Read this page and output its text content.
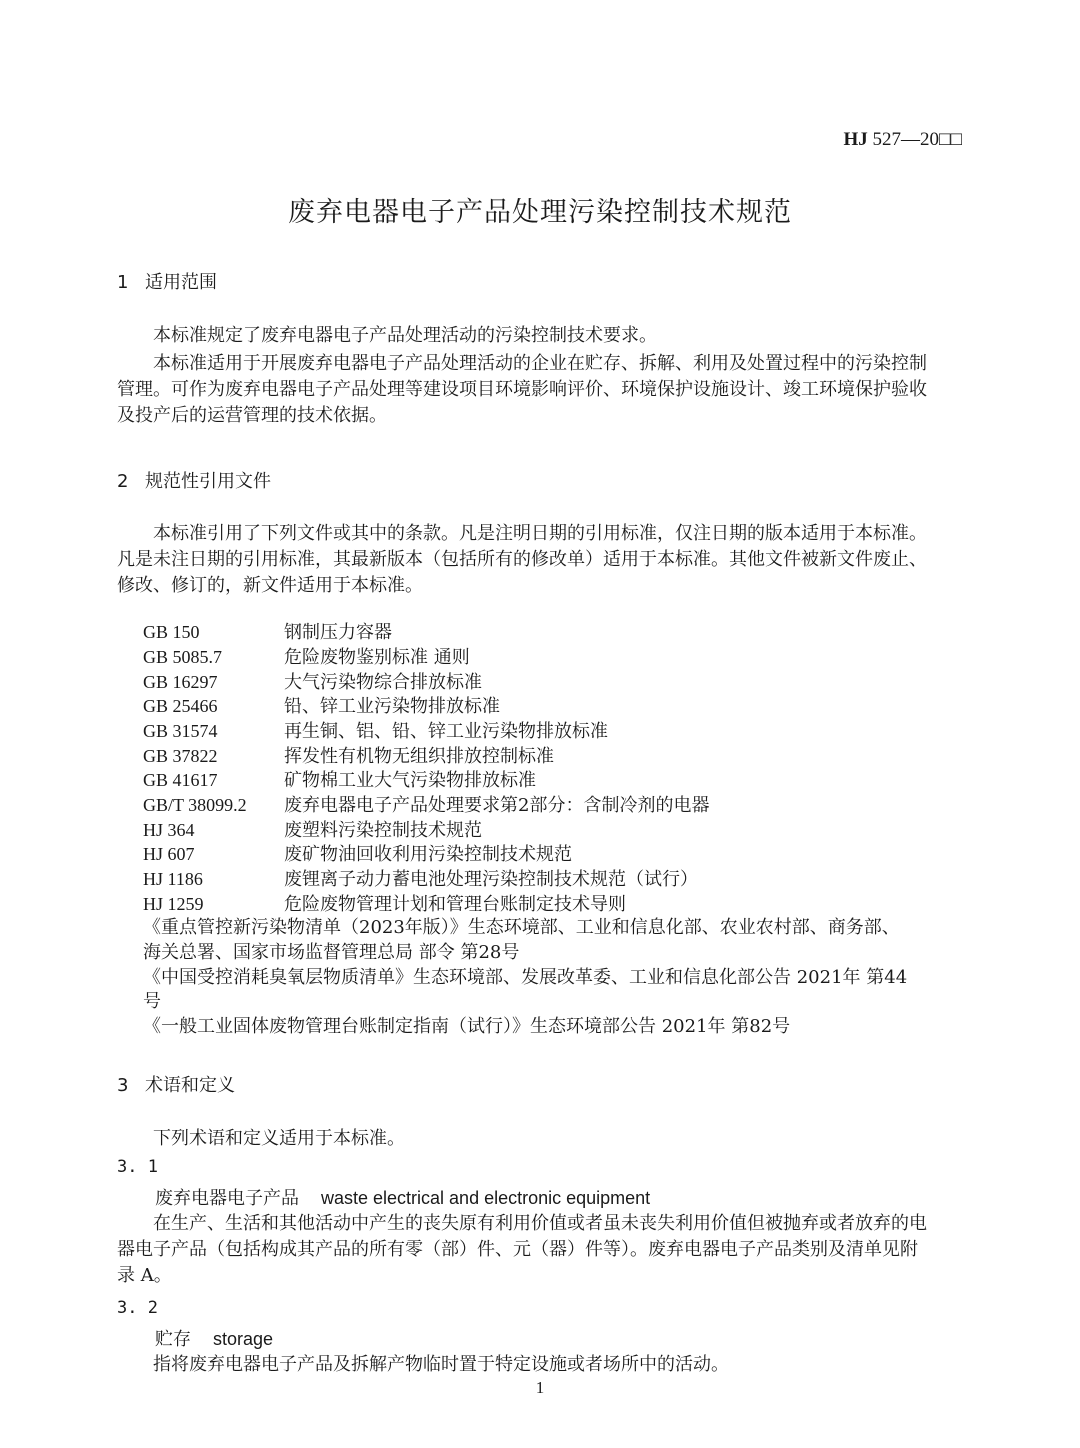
HJ 527—20□□
废弃电器电子产品处理污染控制技术规范
1 适用范围
本标准规定了废弃电器电子产品处理活动的污染控制技术要求。
本标准适用于开展废弃电器电子产品处理活动的企业在贮存、拆解、利用及处置过程中的污染控制
管理。可作为废弃电器电子产品处理等建设项目环境影响评价、环境保护设施设计、竣工环境保护验收
及投产后的运营管理的技术依据。
2 规范性引用文件
本标准引用了下列文件或其中的条款。凡是注明日期的引用标准，仅注日期的版本适用于本标准。
凡是未注日期的引用标准，其最新版本（包括所有的修改单）适用于本标准。其他文件被新文件废止、
修改、修订的，新文件适用于本标准。
GB 150	钢制压力容器
GB 5085.7	危险废物鉴别标准 通则
GB 16297	大气污染物综合排放标准
GB 25466	铅、锌工业污染物排放标准
GB 31574	再生铜、铝、铅、锌工业污染物排放标准
GB 37822	挥发性有机物无组织排放控制标准
GB 41617	矿物棉工业大气污染物排放标准
GB/T 38099.2 废弃电器电子产品处理要求第2部分：含制冷剂的电器
HJ 364	废塑料污染控制技术规范
HJ 607	废矿物油回收利用污染控制技术规范
HJ 1186	废锂离子动力蓄电池处理污染控制技术规范（试行）
HJ 1259	危险废物管理计划和管理台账制定技术导则
《重点管控新污染物清单（2023年版）》生态环境部、工业和信息化部、农业农村部、商务部、
海关总署、国家市场监督管理总局 部令 第28号
《中国受控消耗臭氧层物质清单》生态环境部、发展改革委、工业和信息化部公告 2021年 第44
号
《一般工业固体废物管理台账制定指南（试行）》生态环境部公告 2021年 第82号
3 术语和定义
下列术语和定义适用于本标准。
3. 1
废弃电器电子产品 waste electrical and electronic equipment
在生产、生活和其他活动中产生的丧失原有利用价值或者虽未丧失利用价值但被抛弃或者放弃的电
器电子产品（包括构成其产品的所有零（部）件、元（器）件等）。废弃电器电子产品类别及清单见附
录 A。
3. 2
贮存 storage
指将废弃电器电子产品及拆解产物临时置于特定设施或者场所中的活动。
1
